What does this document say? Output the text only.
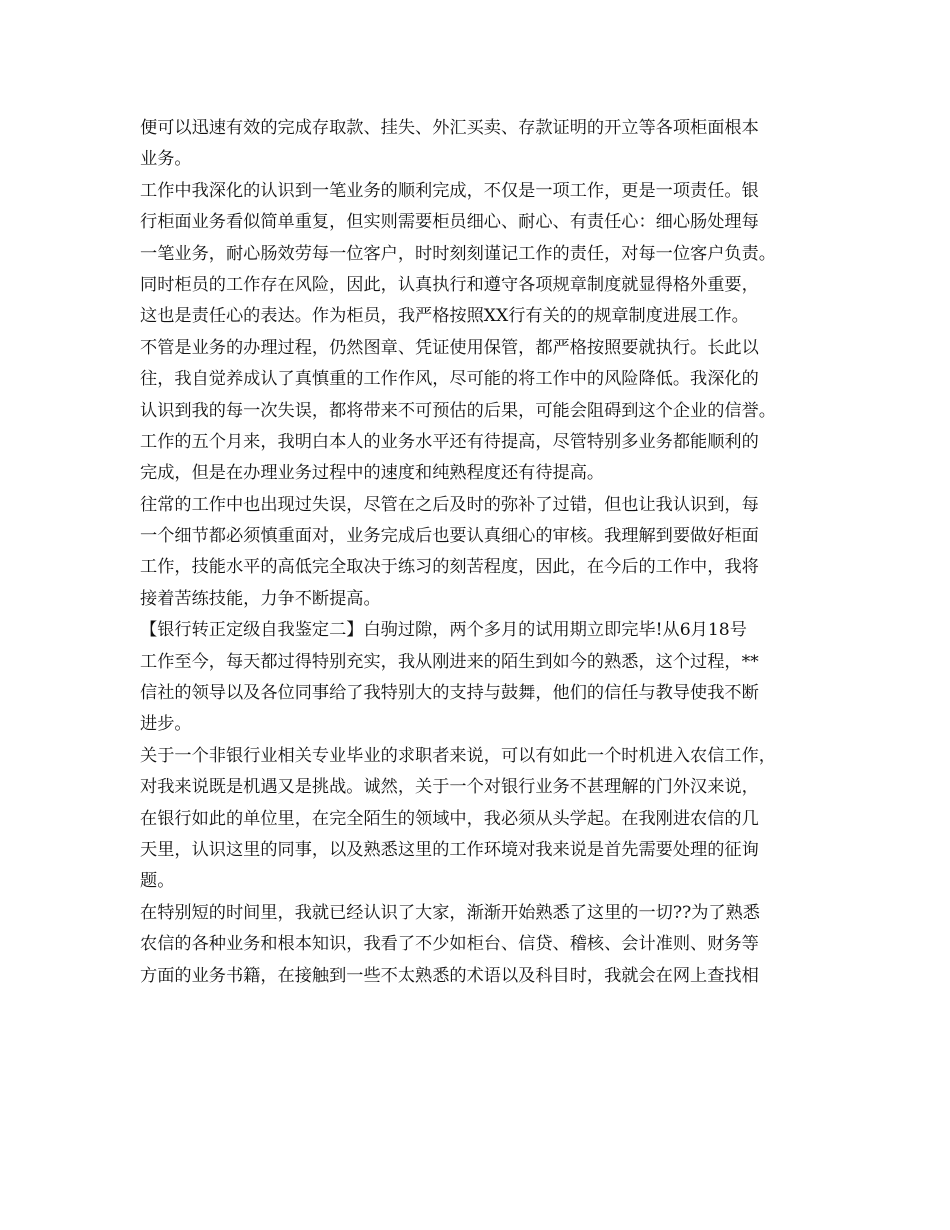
便可以迅速有效的完成存取款、挂失、外汇买卖、存款证明的开立等各项柜面根本
业务。
工作中我深化的认识到一笔业务的顺利完成，不仅是一项工作，更是一项责任。银
行柜面业务看似简单重复，但实则需要柜员细心、耐心、有责任心：细心肠处理每
一笔业务，耐心肠效劳每一位客户，时时刻刻谨记工作的责任，对每一位客户负责。
同时柜员的工作存在风险，因此，认真执行和遵守各项规章制度就显得格外重要，
这也是责任心的表达。作为柜员，我严格按照XX行有关的的规章制度进展工作。
不管是业务的办理过程，仍然图章、凭证使用保管，都严格按照要就执行。长此以
往，我自觉养成认了真慎重的工作作风，尽可能的将工作中的风险降低。我深化的
认识到我的每一次失误，都将带来不可预估的后果，可能会阻碍到这个企业的信誉。
工作的五个月来，我明白本人的业务水平还有待提高，尽管特别多业务都能顺利的
完成，但是在办理业务过程中的速度和纯熟程度还有待提高。
往常的工作中也出现过失误，尽管在之后及时的弥补了过错，但也让我认识到，每
一个细节都必须慎重面对，业务完成后也要认真细心的审核。我理解到要做好柜面
工作，技能水平的高低完全取决于练习的刻苦程度，因此，在今后的工作中，我将
接着苦练技能，力争不断提高。
【银行转正定级自我鉴定二】白驹过隙，两个多月的试用期立即完毕!从6月18号
工作至今，每天都过得特别充实，我从刚进来的陌生到如今的熟悉，这个过程，**
信社的领导以及各位同事给了我特别大的支持与鼓舞，他们的信任与教导使我不断
进步。
关于一个非银行业相关专业毕业的求职者来说，可以有如此一个时机进入农信工作，
对我来说既是机遇又是挑战。诚然，关于一个对银行业务不甚理解的门外汉来说，
在银行如此的单位里，在完全陌生的领域中，我必须从头学起。在我刚进农信的几
天里，认识这里的同事，以及熟悉这里的工作环境对我来说是首先需要处理的征询
题。
在特别短的时间里，我就已经认识了大家，渐渐开始熟悉了这里的一切??为了熟悉
农信的各种业务和根本知识，我看了不少如柜台、信贷、稽核、会计准则、财务等
方面的业务书籍，在接触到一些不太熟悉的术语以及科目时，我就会在网上查找相
